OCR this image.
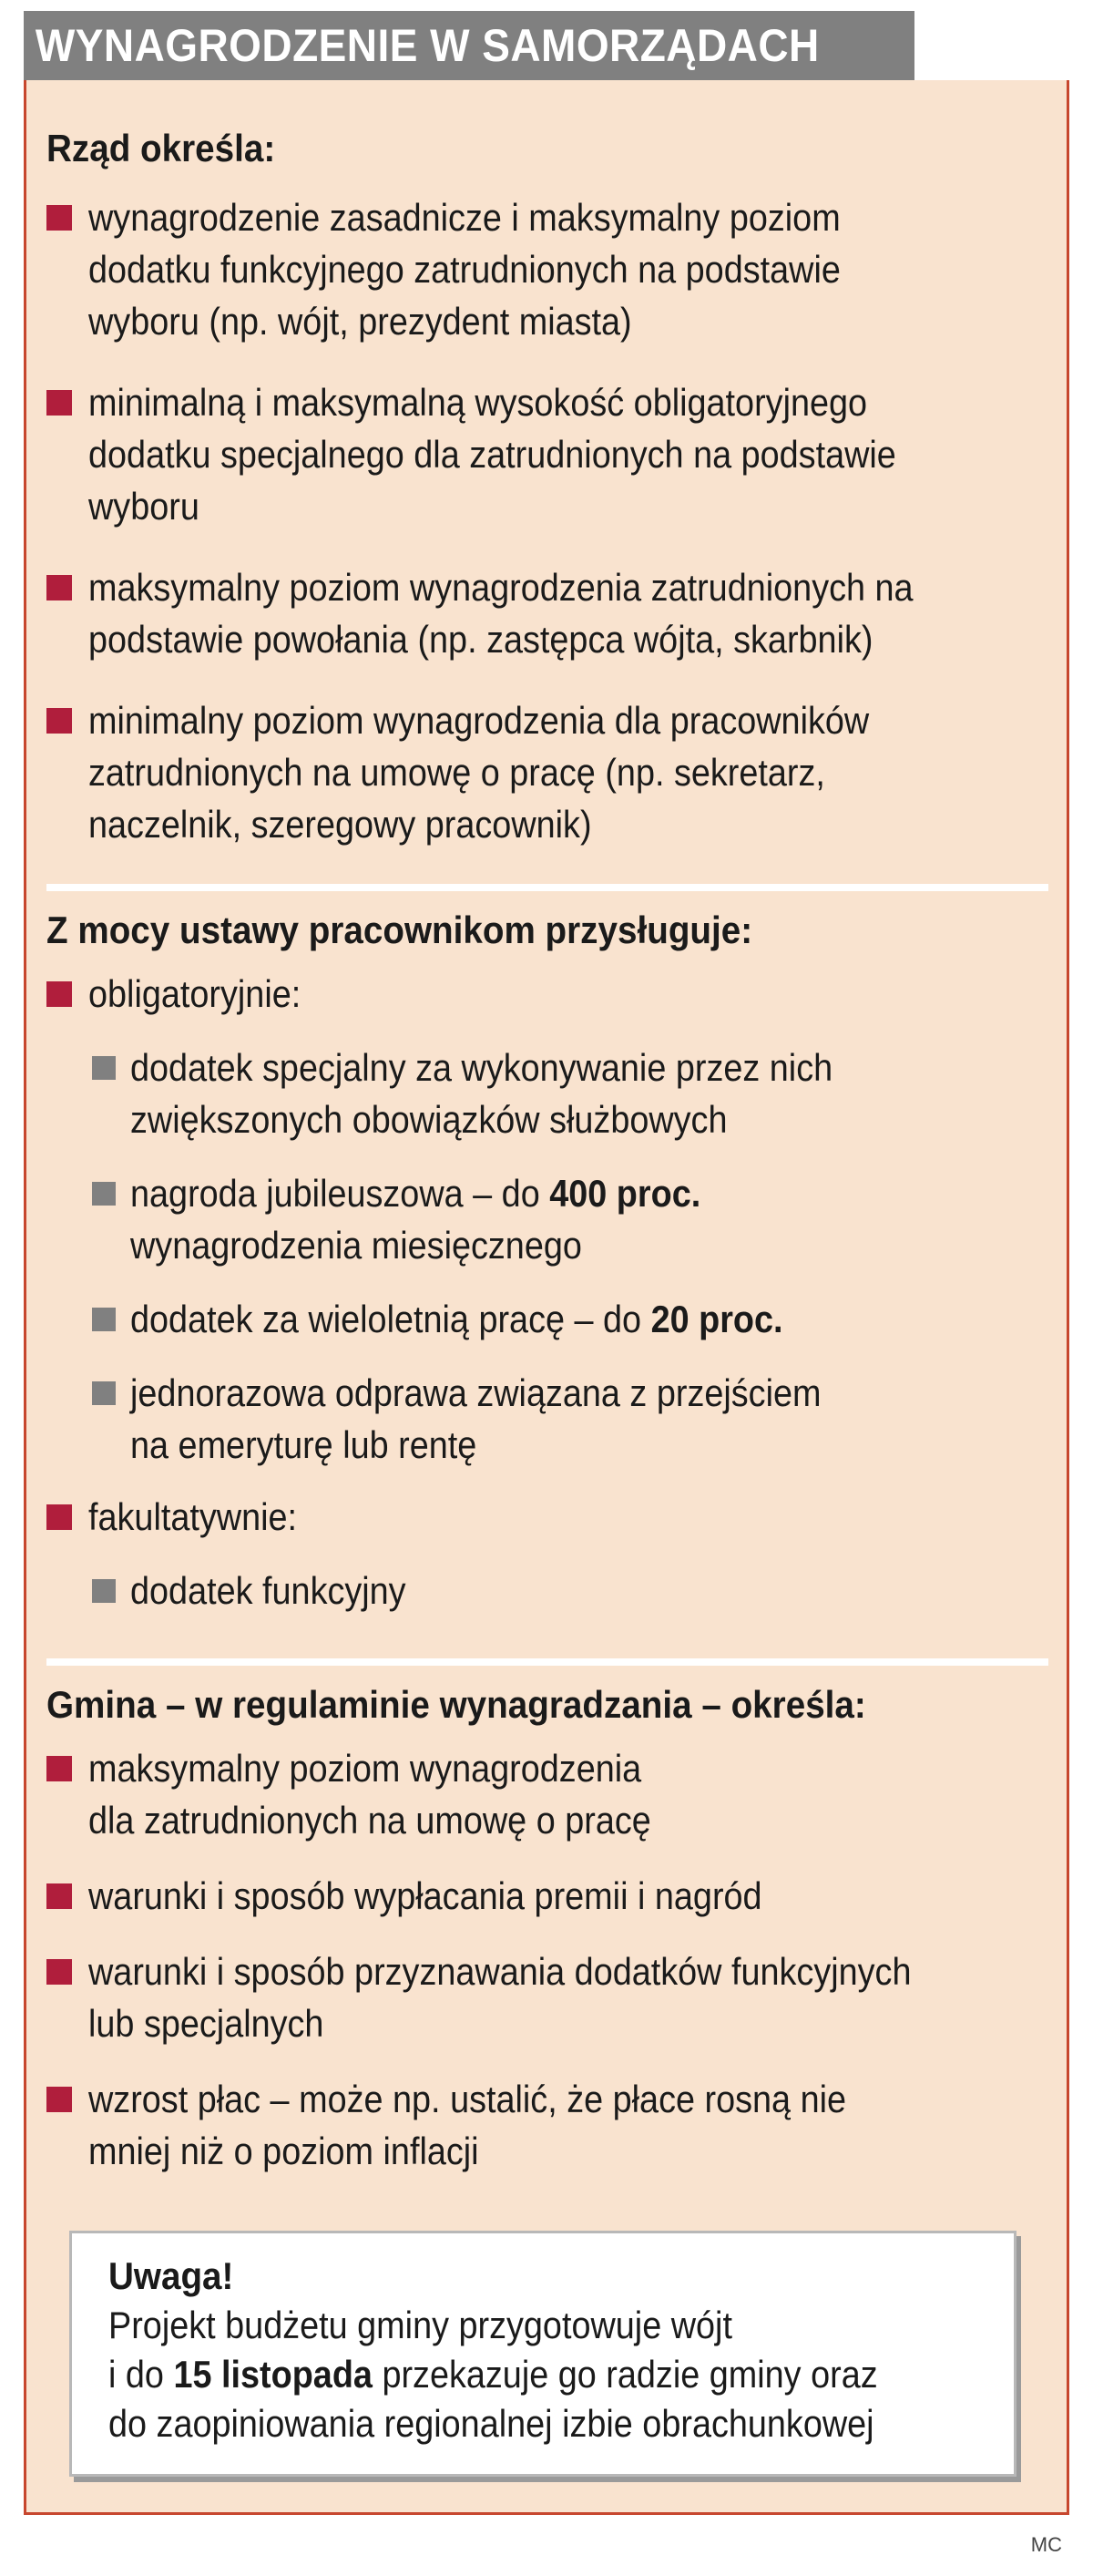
WYNAGRODZENIE W SAMORZĄDACH
Rząd określa:
wynagrodzenie zasadnicze i maksymalny poziom
dodatku funkcyjnego zatrudnionych na podstawie
wyboru (np. wójt, prezydent miasta)
minimalną i maksymalną wysokość obligatoryjnego
dodatku specjalnego dla zatrudnionych na podstawie
wyboru
maksymalny poziom wynagrodzenia zatrudnionych na
podstawie powołania (np. zastępca wójta, skarbnik)
minimalny poziom wynagrodzenia dla pracowników
zatrudnionych na umowę o pracę (np. sekretarz,
naczelnik, szeregowy pracownik)
Z mocy ustawy pracownikom przysługuje:
obligatoryjnie:
dodatek specjalny za wykonywanie przez nich
zwiększonych obowiązków służbowych
nagroda jubileuszowa – do 400 proc.
wynagrodzenia miesięcznego
dodatek za wieloletnią pracę – do 20 proc.
jednorazowa odprawa związana z przejściem
na emeryturę lub rentę
fakultatywnie:
dodatek funkcyjny
Gmina – w regulaminie wynagradzania – określa:
maksymalny poziom wynagrodzenia
dla zatrudnionych na umowę o pracę
warunki i sposób wypłacania premii i nagród
warunki i sposób przyznawania dodatków funkcyjnych
lub specjalnych
wzrost płac – może np. ustalić, że płace rosną nie
mniej niż o poziom inflacji
Uwaga!
Projekt budżetu gminy przygotowuje wójt
i do 15 listopada przekazuje go radzie gminy oraz
do zaopiniowania regionalnej izbie obrachunkowej
MC
